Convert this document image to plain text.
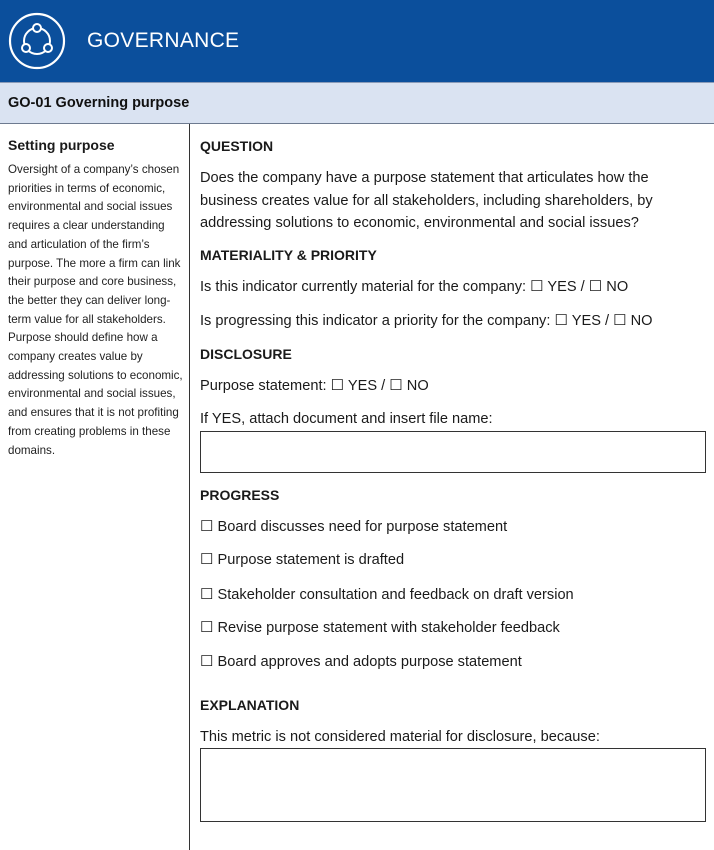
GOVERNANCE
GO-01 Governing purpose
Setting purpose
Oversight of a company’s chosen priorities in terms of economic, environmental and social issues requires a clear understanding and articulation of the firm’s purpose. The more a firm can link their purpose and core business, the better they can deliver long-term value for all stakeholders. Purpose should define how a company creates value by addressing solutions to economic, environmental and social issues, and ensures that it is not profiting from creating problems in these domains.
QUESTION
Does the company have a purpose statement that articulates how the business creates value for all stakeholders, including shareholders, by addressing solutions to economic, environmental and social issues?
MATERIALITY & PRIORITY
Is this indicator currently material for the company: ☐ YES / ☐ NO
Is progressing this indicator a priority for the company: ☐ YES / ☐ NO
DISCLOSURE
Purpose statement: ☐ YES / ☐ NO
If YES, attach document and insert file name:
PROGRESS
☐ Board discusses need for purpose statement
☐ Purpose statement is drafted
☐ Stakeholder consultation and feedback on draft version
☐ Revise purpose statement with stakeholder feedback
☐ Board approves and adopts purpose statement
EXPLANATION
This metric is not considered material for disclosure, because:
